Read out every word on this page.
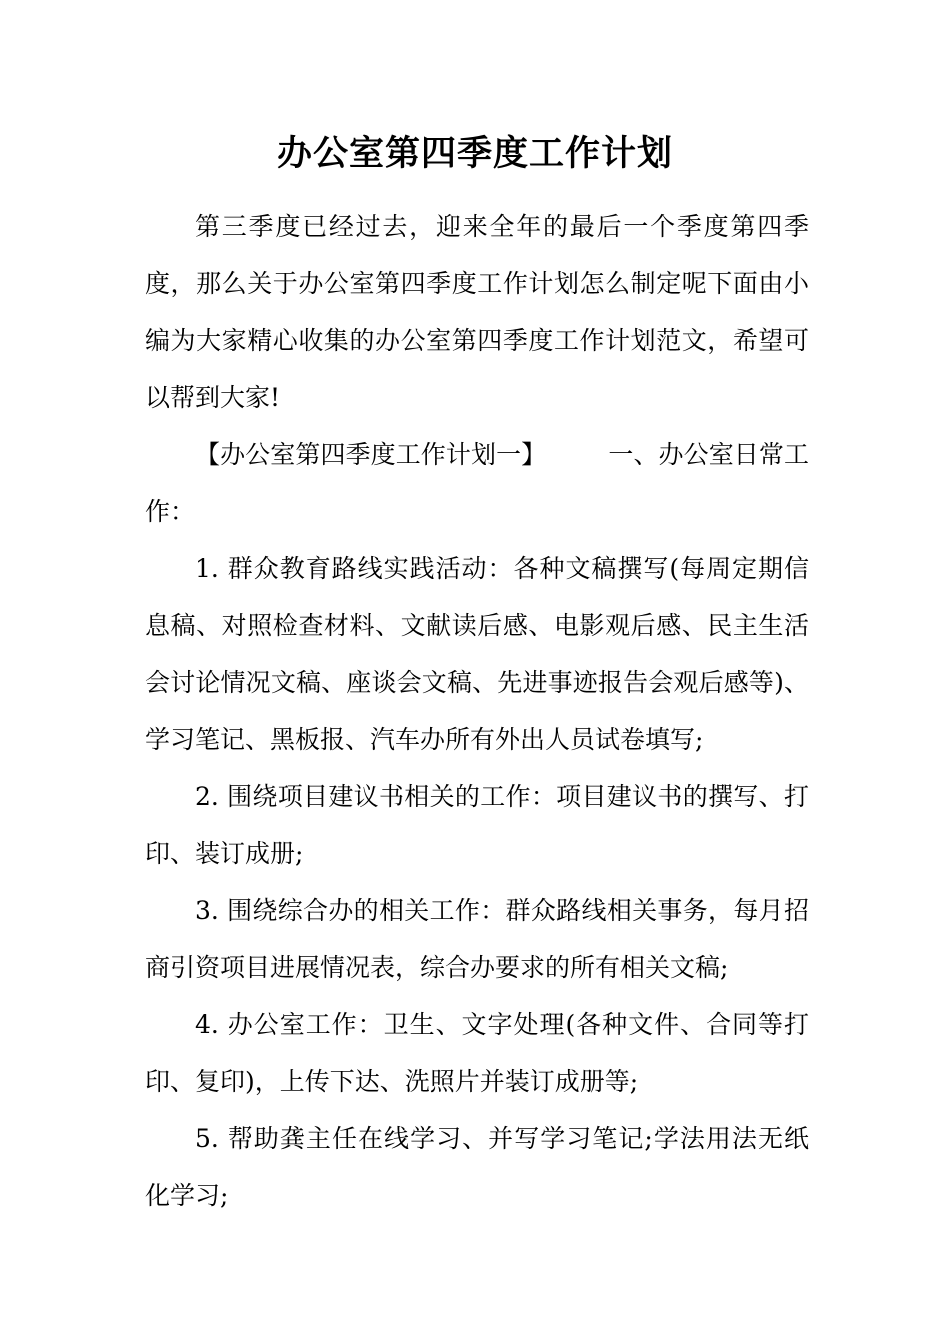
办公室第四季度工作计划

第三季度已经过去，迎来全年的最后一个季度第四季度，那么关于办公室第四季度工作计划怎么制定呢下面由小编为大家精心收集的办公室第四季度工作计划范文，希望可以帮到大家!

【办公室第四季度工作计划一】 一、办公室日常工作：

1. 群众教育路线实践活动：各种文稿撰写(每周定期信息稿、对照检查材料、文献读后感、电影观后感、民主生活会讨论情况文稿、座谈会文稿、先进事迹报告会观后感等)、学习笔记、黑板报、汽车办所有外出人员试卷填写;

2. 围绕项目建议书相关的工作：项目建议书的撰写、打印、装订成册;

3. 围绕综合办的相关工作：群众路线相关事务，每月招商引资项目进展情况表，综合办要求的所有相关文稿;

4. 办公室工作：卫生、文字处理(各种文件、合同等打印、复印)，上传下达、洗照片并装订成册等;

5. 帮助龚主任在线学习、并写学习笔记;学法用法无纸化学习;
